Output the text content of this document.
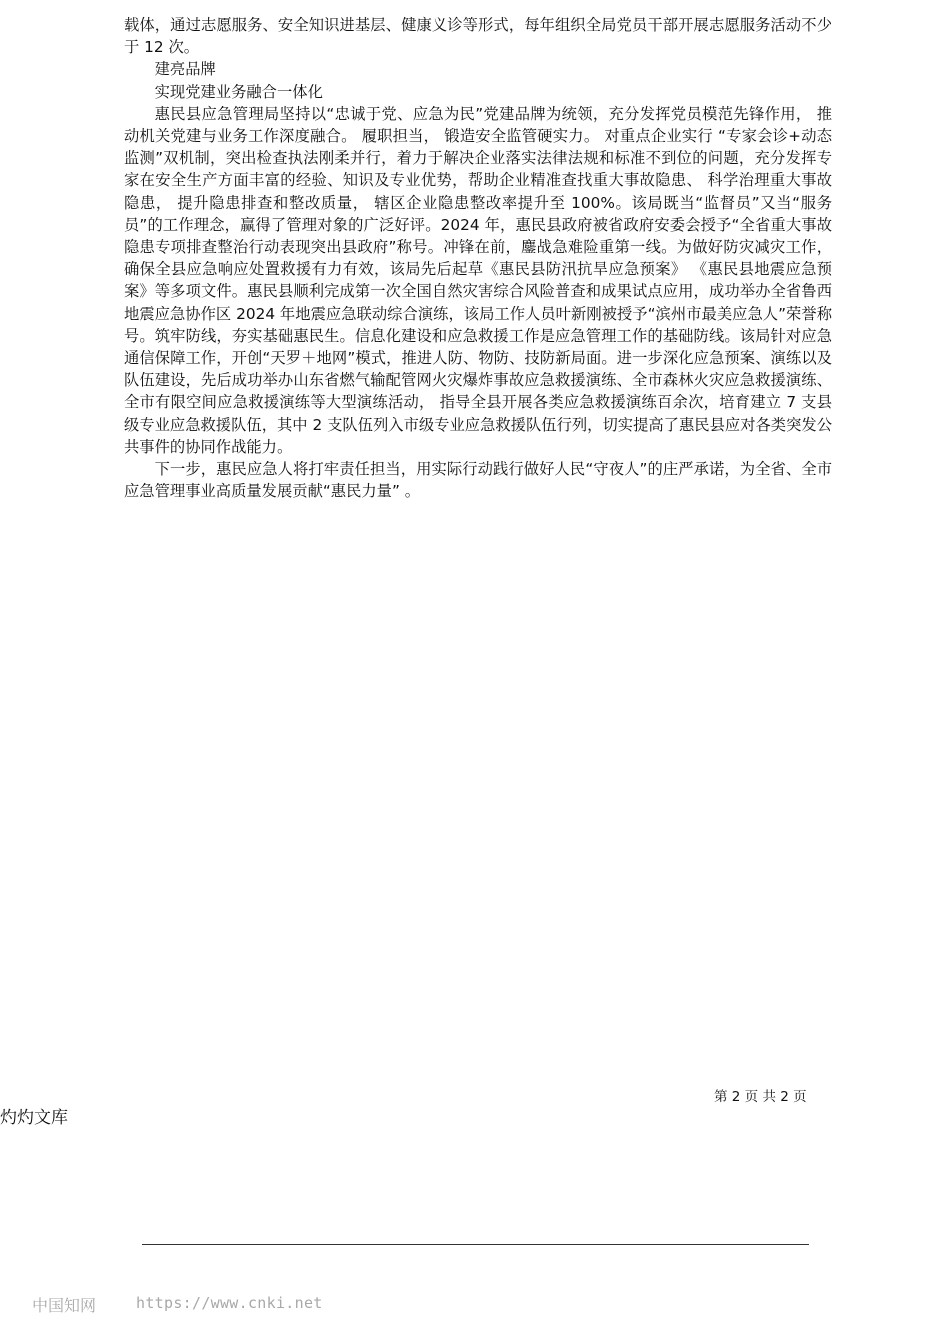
载体，通过志愿服务、安全知识进基层、健康义诊等形式，每年组织全局党员干部开展志愿服务活动不少于 12 次。

建亮品牌

实现党建业务融合一体化

惠民县应急管理局坚持以“忠诚于党、应急为民”党建品牌为统领，充分发挥党员模范先锋作用， 推动机关党建与业务工作深度融合。 履职担当， 锻造安全监管硬实力。 对重点企业实行 “专家会诊+动态监测”双机制，突出检查执法刚柔并行，着力于解决企业落实法律法规和标准不到位的问题，充分发挥专家在安全生产方面丰富的经验、知识及专业优势，帮助企业精准查找重大事故隐患、 科学治理重大事故隐患， 提升隐患排查和整改质量， 辖区企业隐患整改率提升至 100%。该局既当“监督员”又当“服务员”的工作理念，赢得了管理对象的广泛好评。2024 年，惠民县政府被省政府安委会授予“全省重大事故隐患专项排查整治行动表现突出县政府”称号。冲锋在前，鏖战急难险重第一线。为做好防灾减灾工作，确保全县应急响应处置救援有力有效，该局先后起草《惠民县防汛抗旱应急预案》 《惠民县地震应急预案》等多项文件。惠民县顺利完成第一次全国自然灾害综合风险普查和成果试点应用，成功举办全省鲁西地震应急协作区 2024 年地震应急联动综合演练，该局工作人员叶新刚被授予“滨州市最美应急人”荣誉称号。筑牢防线，夯实基础惠民生。信息化建设和应急救援工作是应急管理工作的基础防线。该局针对应急通信保障工作，开创“天罗＋地网”模式，推进人防、物防、技防新局面。进一步深化应急预案、演练以及队伍建设，先后成功举办山东省燃气输配管网火灾爆炸事故应急救援演练、全市森林火灾应急救援演练、 全市有限空间应急救援演练等大型演练活动， 指导全县开展各类应急救援演练百余次，培育建立 7 支县级专业应急救援队伍，其中 2 支队伍列入市级专业应急救援队伍行列，切实提高了惠民县应对各类突发公共事件的协同作战能力。

下一步，惠民应急人将打牢责任担当，用实际行动践行做好人民“守夜人”的庄严承诺，为全省、全市应急管理事业高质量发展贡献“惠民力量” 。

第 2 页 共 2 页
灼灼文库
中国知网	https://www.cnki.net
